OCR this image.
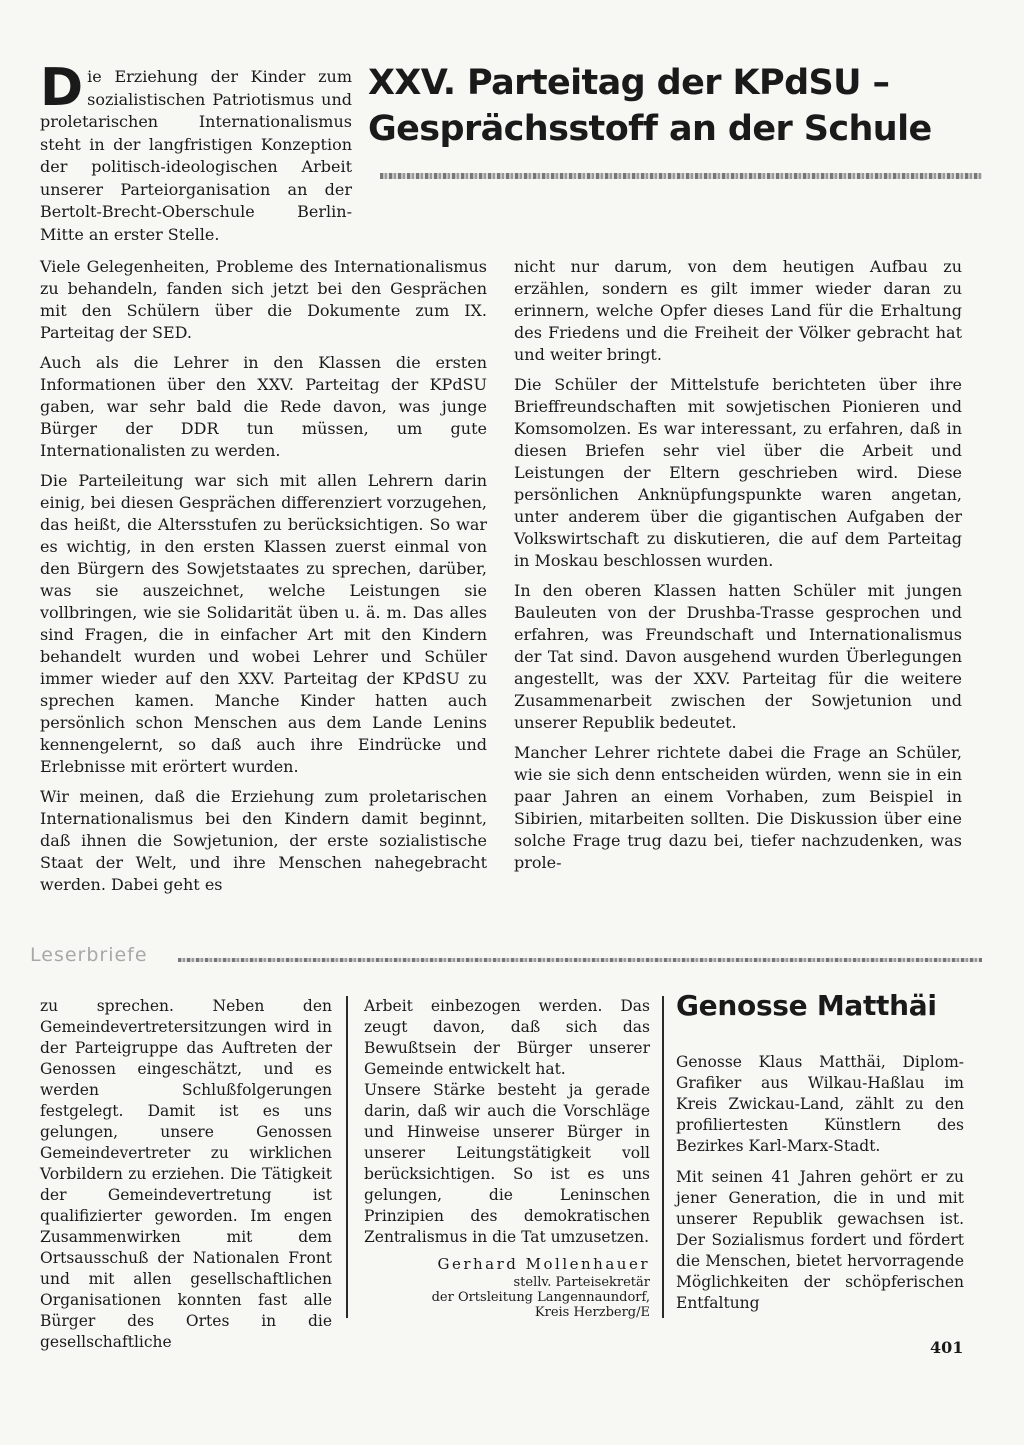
XXV. Parteitag der KPdSU –
Gesprächsstoff an der Schule
Die Erziehung der Kinder zum sozialistischen Patriotismus und proletarischen Internationalismus steht in der langfristigen Konzeption der politisch-ideologischen Arbeit unserer Parteiorganisation an der Bertolt-Brecht-Oberschule Berlin-Mitte an erster Stelle.

Viele Gelegenheiten, Probleme des Internationalismus zu behandeln, fanden sich jetzt bei den Gesprächen mit den Schülern über die Dokumente zum IX. Parteitag der SED.

Auch als die Lehrer in den Klassen die ersten Informationen über den XXV. Parteitag der KPdSU gaben, war sehr bald die Rede davon, was junge Bürger der DDR tun müssen, um gute Internationalisten zu werden.

Die Parteileitung war sich mit allen Lehrern darin einig, bei diesen Gesprächen differenziert vorzugehen, das heißt, die Altersstufen zu berücksichtigen. So war es wichtig, in den ersten Klassen zuerst einmal von den Bürgern des Sowjetstaates zu sprechen, darüber, was sie auszeichnet, welche Leistungen sie vollbringen, wie sie Solidarität üben u. ä. m. Das alles sind Fragen, die in einfacher Art mit den Kindern behandelt wurden und wobei Lehrer und Schüler immer wieder auf den XXV. Parteitag der KPdSU zu sprechen kamen. Manche Kinder hatten auch persönlich schon Menschen aus dem Lande Lenins kennengelernt, so daß auch ihre Eindrücke und Erlebnisse mit erörtert wurden.

Wir meinen, daß die Erziehung zum proletarischen Internationalismus bei den Kindern damit beginnt, daß ihnen die Sowjetunion, der erste sozialistische Staat der Welt, und ihre Menschen nahegebracht werden. Dabei geht es

nicht nur darum, von dem heutigen Aufbau zu erzählen, sondern es gilt immer wieder daran zu erinnern, welche Opfer dieses Land für die Erhaltung des Friedens und die Freiheit der Völker gebracht hat und weiter bringt.

Die Schüler der Mittelstufe berichteten über ihre Brieffreundschaften mit sowjetischen Pionieren und Komsomolzen. Es war interessant, zu erfahren, daß in diesen Briefen sehr viel über die Arbeit und Leistungen der Eltern geschrieben wird. Diese persönlichen Anknüpfungspunkte waren angetan, unter anderem über die gigantischen Aufgaben der Volkswirtschaft zu diskutieren, die auf dem Parteitag in Moskau beschlossen wurden.

In den oberen Klassen hatten Schüler mit jungen Bauleuten von der Drushba-Trasse gesprochen und erfahren, was Freundschaft und Internationalismus der Tat sind. Davon ausgehend wurden Überlegungen angestellt, was der XXV. Parteitag für die weitere Zusammenarbeit zwischen der Sowjetunion und unserer Republik bedeutet.

Mancher Lehrer richtete dabei die Frage an Schüler, wie sie sich denn entscheiden würden, wenn sie in ein paar Jahren an einem Vorhaben, zum Beispiel in Sibirien, mitarbeiten sollten. Die Diskussion über eine solche Frage trug dazu bei, tiefer nachzudenken, was prole-

Leserbriefe

zu sprechen. Neben den Gemeindevertretersitzungen wird in der Parteigruppe das Auftreten der Genossen eingeschätzt, und es werden Schlußfolgerungen festgelegt. Damit ist es uns gelungen, unsere Genossen Gemeindevertreter zu wirklichen Vorbildern zu erziehen. Die Tätigkeit der Gemeindevertretung ist qualifizierter geworden. Im engen Zusammenwirken mit dem Ortsausschuß der Nationalen Front und mit allen gesellschaftlichen Organisationen konnten fast alle Bürger des Ortes in die gesellschaftliche

Arbeit einbezogen werden. Das zeugt davon, daß sich das Bewußtsein der Bürger unserer Gemeinde entwickelt hat.

Unsere Stärke besteht ja gerade darin, daß wir auch die Vorschläge und Hinweise unserer Bürger in unserer Leitungstätigkeit voll berücksichtigen. So ist es uns gelungen, die Leninschen Prinzipien des demokratischen Zentralismus in die Tat umzusetzen.

Gerhard Mollenhauer
stellv. Parteisekretär
der Ortsleitung Langennaundorf,
Kreis Herzberg/E
Genosse Matthäi

Genosse Klaus Matthäi, Diplom-Grafiker aus Wilkau-Haßlau im Kreis Zwickau-Land, zählt zu den profiliertesten Künstlern des Bezirkes Karl-Marx-Stadt.

Mit seinen 41 Jahren gehört er zu jener Generation, die in und mit unserer Republik gewachsen ist. Der Sozialismus fordert und fördert die Menschen, bietet hervorragende Möglichkeiten der schöpferischen Entfaltung

401
